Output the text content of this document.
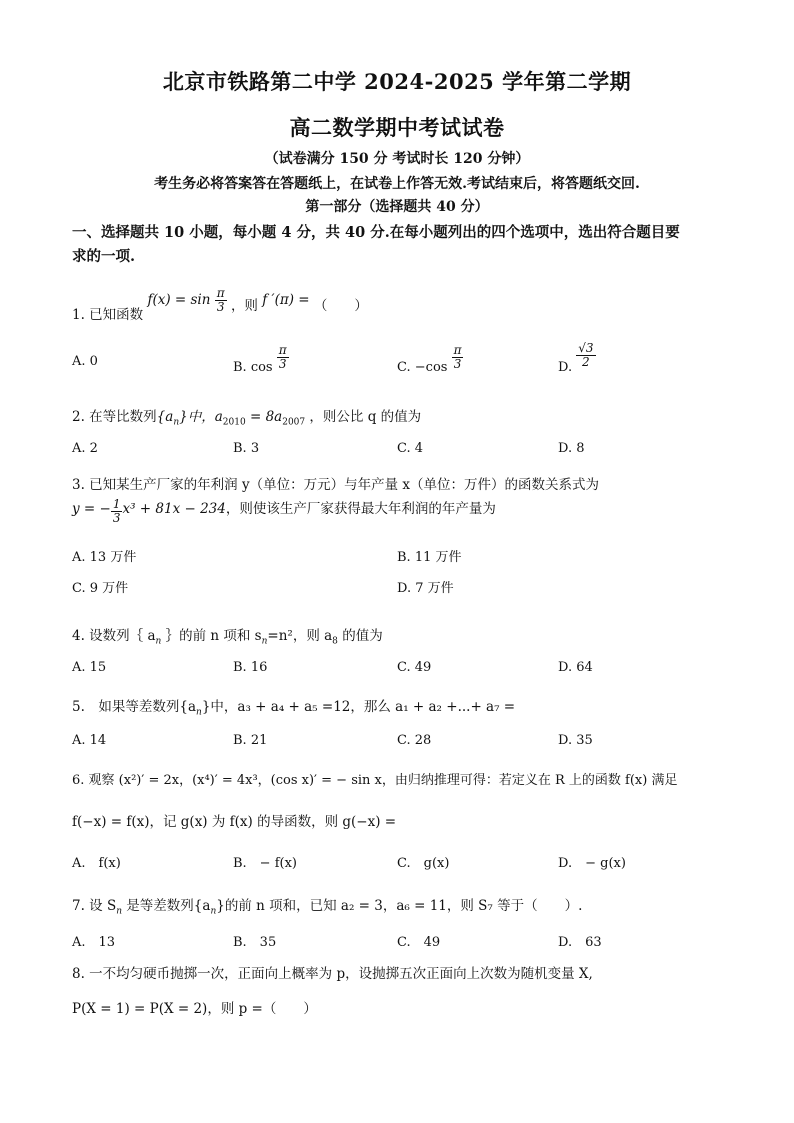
北京市铁路第二中学 2024-2025 学年第二学期
高二数学期中考试试卷
（试卷满分 150 分 考试时长 120 分钟）
考生务必将答案答在答题纸上，在试卷上作答无效.考试结束后，将答题纸交回.
第一部分（选择题共 40 分）
一、选择题共 10 小题，每小题 4 分，共 40 分.在每小题列出的四个选项中，选出符合题目要
求的一项.
1. 已知函数 $f(x) = \sin \frac{\pi}{3}$ ，则 f ′(π) = （　　）
A. 0	B. $\cos \frac{\pi}{3}$	C. $-\cos \frac{\pi}{3}$	D. $\frac{√3}{2}$
2. 在等比数列$\{a_n\}$中，$a_{2010} = 8a_{2007}$ ，则公比 q 的值为
A. 2	B. 3	C. 4	D. 8
3. 已知某生产厂家的年利润 y（单位：万元）与年产量 x（单位：万件）的函数关系式为
y = − $\frac{1}{3} x^3 + 81x - 234$，则使该生产厂家获得最大年利润的年产量为
A. 13 万件	B. 11 万件
C. 9 万件	D. 7 万件
4. 设数列｛ $a_n$ ｝的前 n 项和 $s_n=n^2$，则 $a_8$ 的值为
A. 15	B. 16	C. 49	D. 64
5.　如果等差数列$\{a_n\}$中，a₃ + a₄ + a₅ =12，那么 a₁ + a₂ +...+ a₇ =
A. 14	B. 21	C. 28	D. 35
6. 观察 (x²)′ = 2x，(x⁴)′ = 4x³，(cos x)′ = − sin x，由归纳推理可得：若定义在 R 上的函数 f(x) 满足
f(−x) = f(x)，记 g(x) 为 f(x) 的导函数，则 g(−x) =
A.　f(x)	B.　− f(x)	C.　g(x)	D.　− g(x)
7. 设 $S_n$ 是等差数列$\{a_n\}$的前 n 项和，已知 a₂ = 3，a₆ = 11，则 S₇ 等于（　　）.
A.　13	B.　35	C.　49	D.　63
8. 一不均匀硬币抛掷一次，正面向上概率为 p，设抛掷五次正面向上次数为随机变量 X,
P(X = 1) = P(X = 2)，则 p =（　　）
